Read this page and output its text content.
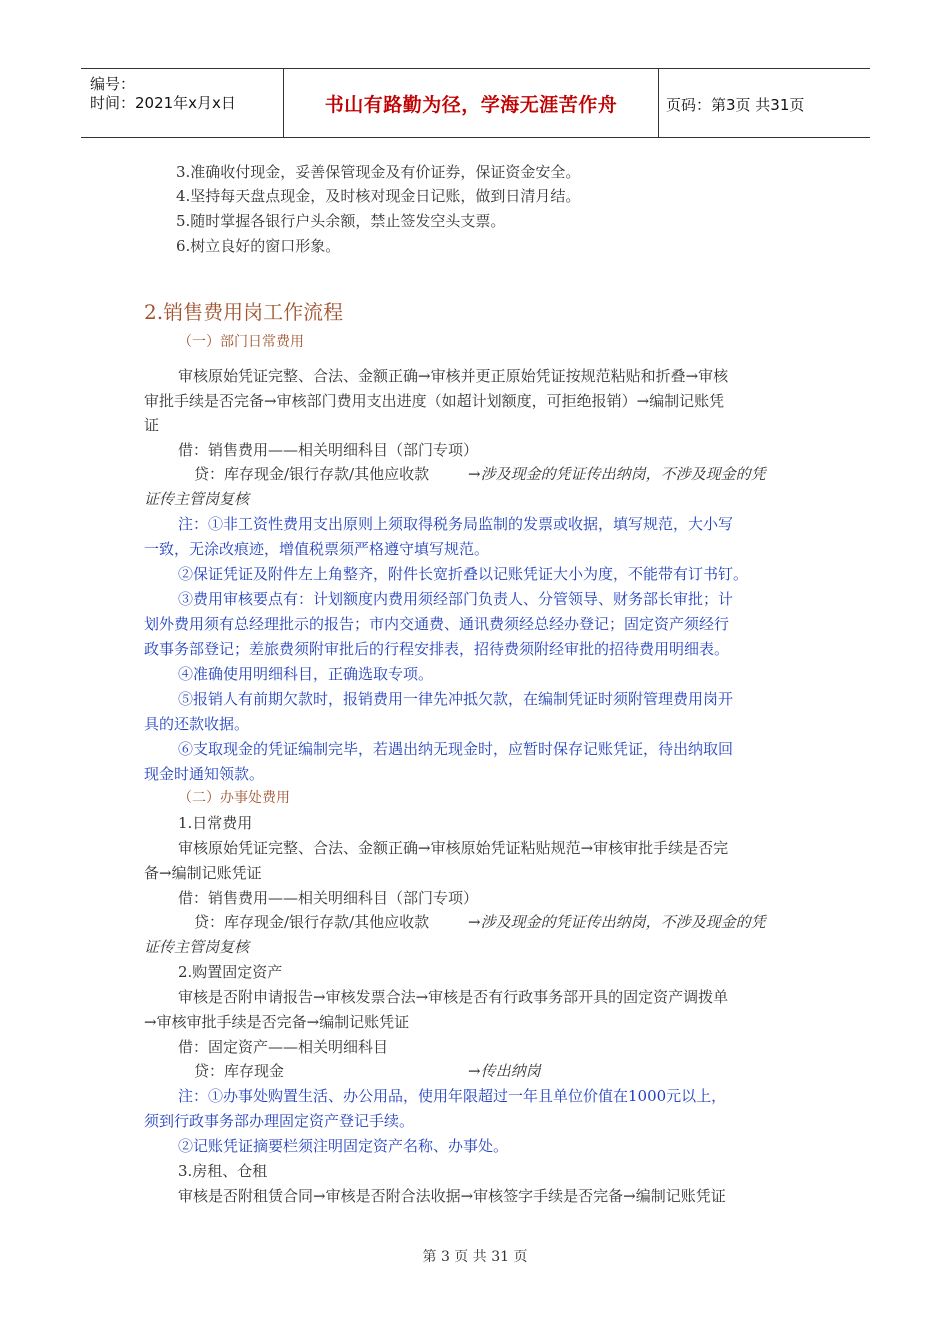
编号：
时间：2021年x月x日	书山有路勤为径，学海无涯苦作舟	页码：第3页 共31页
3.准确收付现金，妥善保管现金及有价证券，保证资金安全。
4.坚持每天盘点现金，及时核对现金日记账，做到日清月结。
5.随时掌握各银行户头余额，禁止签发空头支票。
6.树立良好的窗口形象。
2.销售费用岗工作流程
（一）部门日常费用
审核原始凭证完整、合法、金额正确→审核并更正原始凭证按规范粘贴和折叠→审核
审批手续是否完备→审核部门费用支出进度（如超计划额度，可拒绝报销）→编制记账凭
证
借：销售费用——相关明细科目（部门专项）
贷：库存现金/银行存款/其他应收款	→涉及现金的凭证传出纳岗，不涉及现金的凭
证传主管岗复核
注：①非工资性费用支出原则上须取得税务局监制的发票或收据，填写规范，大小写
一致，无涂改痕迹，增值税票须严格遵守填写规范。
②保证凭证及附件左上角整齐，附件长宽折叠以记账凭证大小为度，不能带有订书钉。
③费用审核要点有：计划额度内费用须经部门负责人、分管领导、财务部长审批；计
划外费用须有总经理批示的报告；市内交通费、通讯费须经总经办登记；固定资产须经行
政事务部登记；差旅费须附审批后的行程安排表，招待费须附经审批的招待费用明细表。
④准确使用明细科目，正确选取专项。
⑤报销人有前期欠款时，报销费用一律先冲抵欠款，在编制凭证时须附管理费用岗开
具的还款收据。
⑥支取现金的凭证编制完毕，若遇出纳无现金时，应暂时保存记账凭证，待出纳取回
现金时通知领款。
（二）办事处费用
1.日常费用
审核原始凭证完整、合法、金额正确→审核原始凭证粘贴规范→审核审批手续是否完
备→编制记账凭证
借：销售费用——相关明细科目（部门专项）
贷：库存现金/银行存款/其他应收款	→涉及现金的凭证传出纳岗，不涉及现金的凭
证传主管岗复核
2.购置固定资产
审核是否附申请报告→审核发票合法→审核是否有行政事务部开具的固定资产调拨单
→审核审批手续是否完备→编制记账凭证
借：固定资产——相关明细科目
贷：库存现金	→传出纳岗
注：①办事处购置生活、办公用品，使用年限超过一年且单位价值在1000元以上，
须到行政事务部办理固定资产登记手续。
②记账凭证摘要栏须注明固定资产名称、办事处。
3.房租、仓租
审核是否附租赁合同→审核是否附合法收据→审核签字手续是否完备→编制记账凭证
第 3 页 共 31 页
